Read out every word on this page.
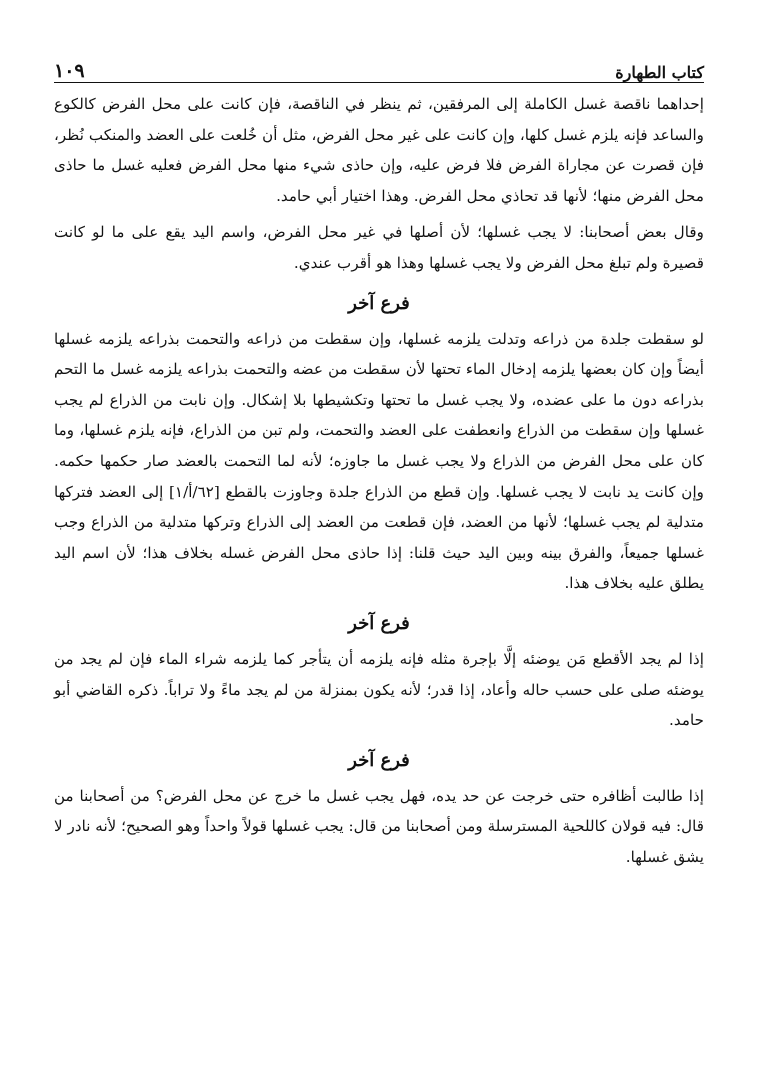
كتاب الطهارة
١٠٩

إحداهما ناقصة غسل الكاملة إلى المرفقين، ثم ينظر في الناقصة، فإن كانت على محل الفرض كالكوع والساعد فإنه يلزم غسل كلها، وإن كانت على غير محل الفرض، مثل أن خُلعت على العضد والمنكب نُظر، فإن قصرت عن مجاراة الفرض فلا فرض عليه، وإن حاذى شيء منها محل الفرض فعليه غسل ما حاذى محل الفرض منها؛ لأنها قد تحاذي محل الفرض. وهذا اختيار أبي حامد.

وقال بعض أصحابنا: لا يجب غسلها؛ لأن أصلها في غير محل الفرض، واسم اليد يقع على ما لو كانت قصيرة ولم تبلغ محل الفرض ولا يجب غسلها وهذا هو أقرب عندي.

فرع آخر

لو سقطت جلدة من ذراعه وتدلت يلزمه غسلها، وإن سقطت من ذراعه والتحمت بذراعه يلزمه غسلها أيضاً وإن كان بعضها يلزمه إدخال الماء تحتها لأن سقطت من عضه والتحمت بذراعه يلزمه غسل ما التحم بذراعه دون ما على عضده، ولا يجب غسل ما تحتها وتكشيطها بلا إشكال. وإن نابت من الذراع لم يجب غسلها وإن سقطت من الذراع وانعطفت على العضد والتحمت، ولم تبن من الذراع، فإنه يلزم غسلها، وما كان على محل الفرض من الذراع ولا يجب غسل ما جاوزه؛ لأنه لما التحمت بالعضد صار حكمها حكمه. وإن كانت يد نابت لا يجب غسلها. وإن قطع من الذراع جلدة وجاوزت بالقطع [٦٢/أ/١] إلى العضد فتركها متدلية لم يجب غسلها؛ لأنها من العضد، فإن قطعت من العضد إلى الذراع وتركها متدلية من الذراع وجب غسلها جميعاً، والفرق بينه وبين اليد حيث قلنا: إذا حاذى محل الفرض غسله بخلاف هذا؛ لأن اسم اليد يطلق عليه بخلاف هذا.

فرع آخر

إذا لم يجد الأقطع مَن يوضئه إلَّا بإجرة مثله فإنه يلزمه أن يتأجر كما يلزمه شراء الماء فإن لم يجد من يوضئه صلى على حسب حاله وأعاد، إذا قدر؛ لأنه يكون بمنزلة من لم يجد ماءً ولا تراباً. ذكره القاضي أبو حامد.

فرع آخر

إذا طالبت أظافره حتى خرجت عن حد يده، فهل يجب غسل ما خرج عن محل الفرض؟ من أصحابنا من قال: فيه قولان كاللحية المسترسلة ومن أصحابنا من قال: يجب غسلها قولاً واحداً وهو الصحيح؛ لأنه نادر لا يشق غسلها.
